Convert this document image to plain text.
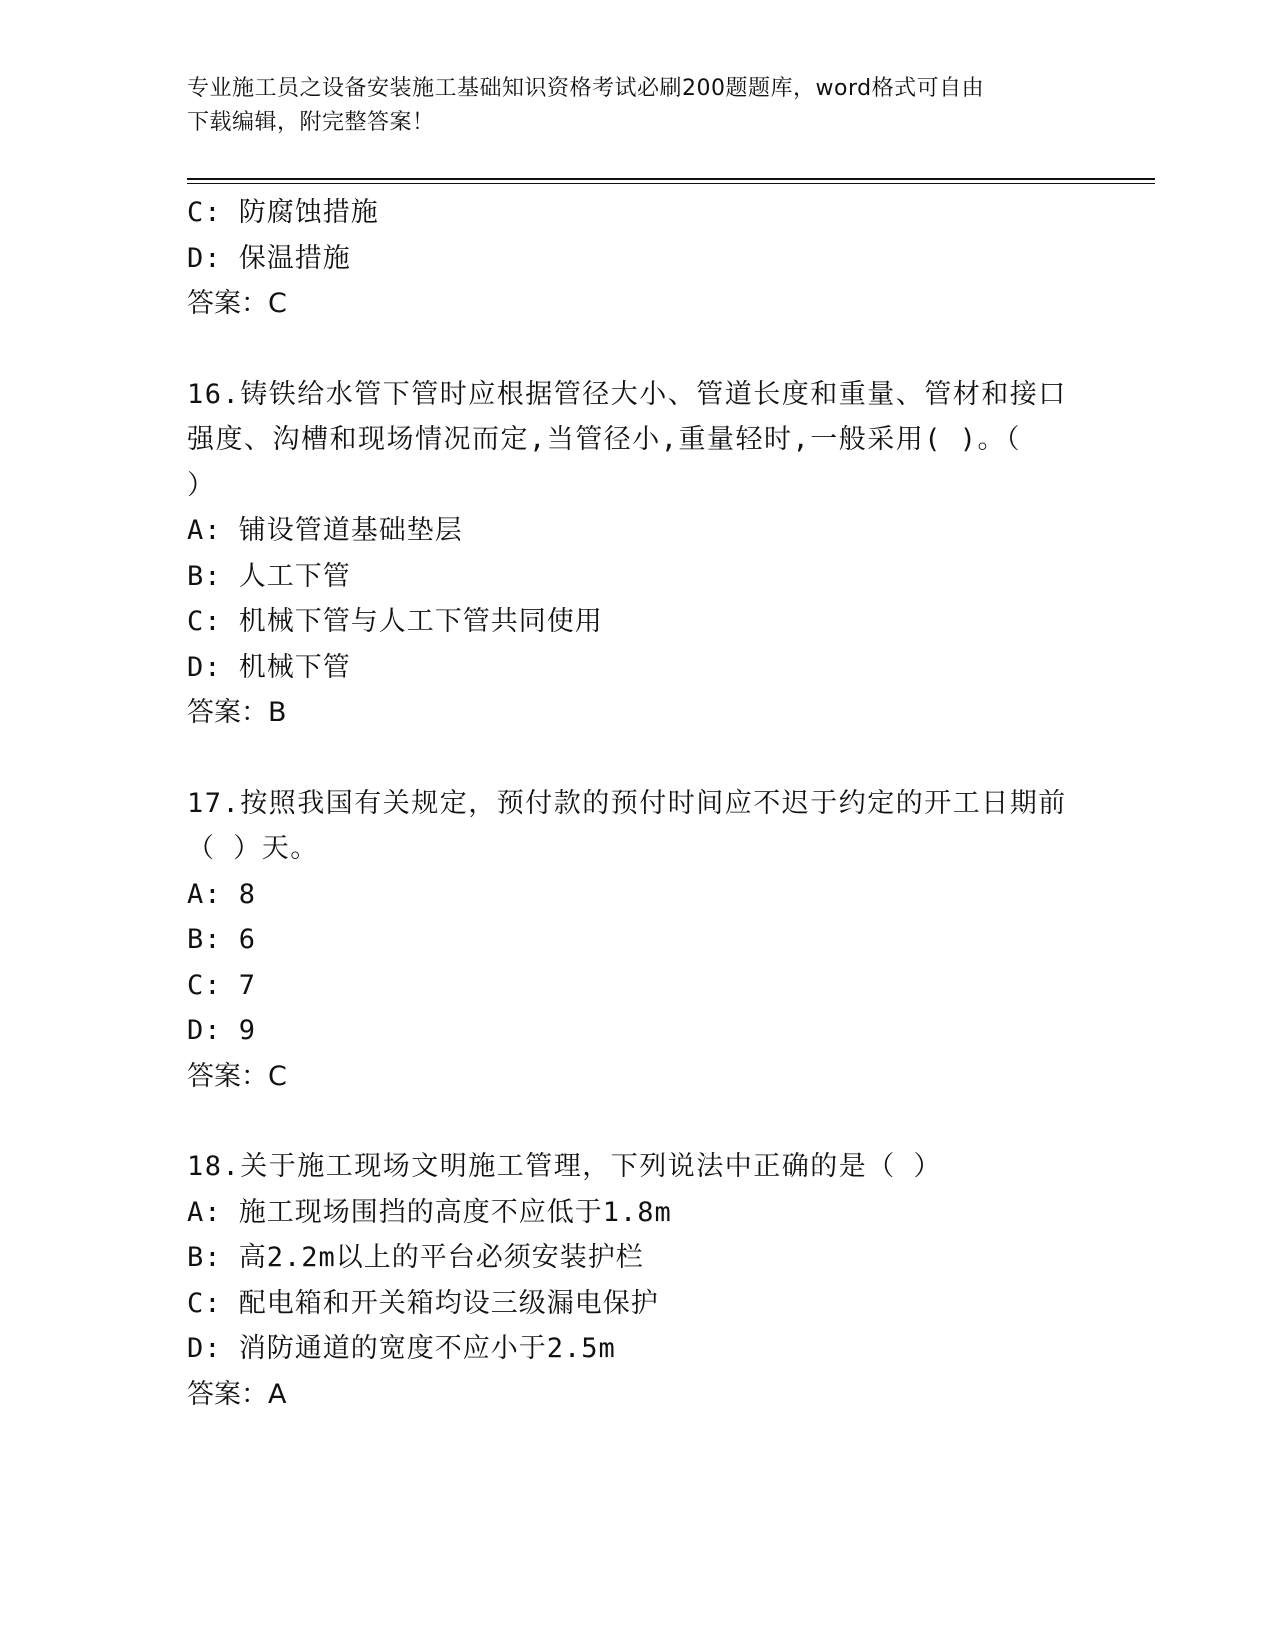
专业施工员之设备安装施工基础知识资格考试必刷200题题库，word格式可自由
下载编辑，附完整答案！
C: 防腐蚀措施
D: 保温措施
答案：C
16.铸铁给水管下管时应根据管径大小、管道长度和重量、管材和接口
强度、沟槽和现场情况而定,当管径小,重量轻时,一般采用( )。（
）
A: 铺设管道基础垫层
B: 人工下管
C: 机械下管与人工下管共同使用
D: 机械下管
答案：B
17.按照我国有关规定，预付款的预付时间应不迟于约定的开工日期前
（ ）天。
A: 8
B: 6
C: 7
D: 9
答案：C
18.关于施工现场文明施工管理，下列说法中正确的是（ ）
A: 施工现场围挡的高度不应低于1.8m
B: 高2.2m以上的平台必须安装护栏
C: 配电箱和开关箱均设三级漏电保护
D: 消防通道的宽度不应小于2.5m
答案：A
